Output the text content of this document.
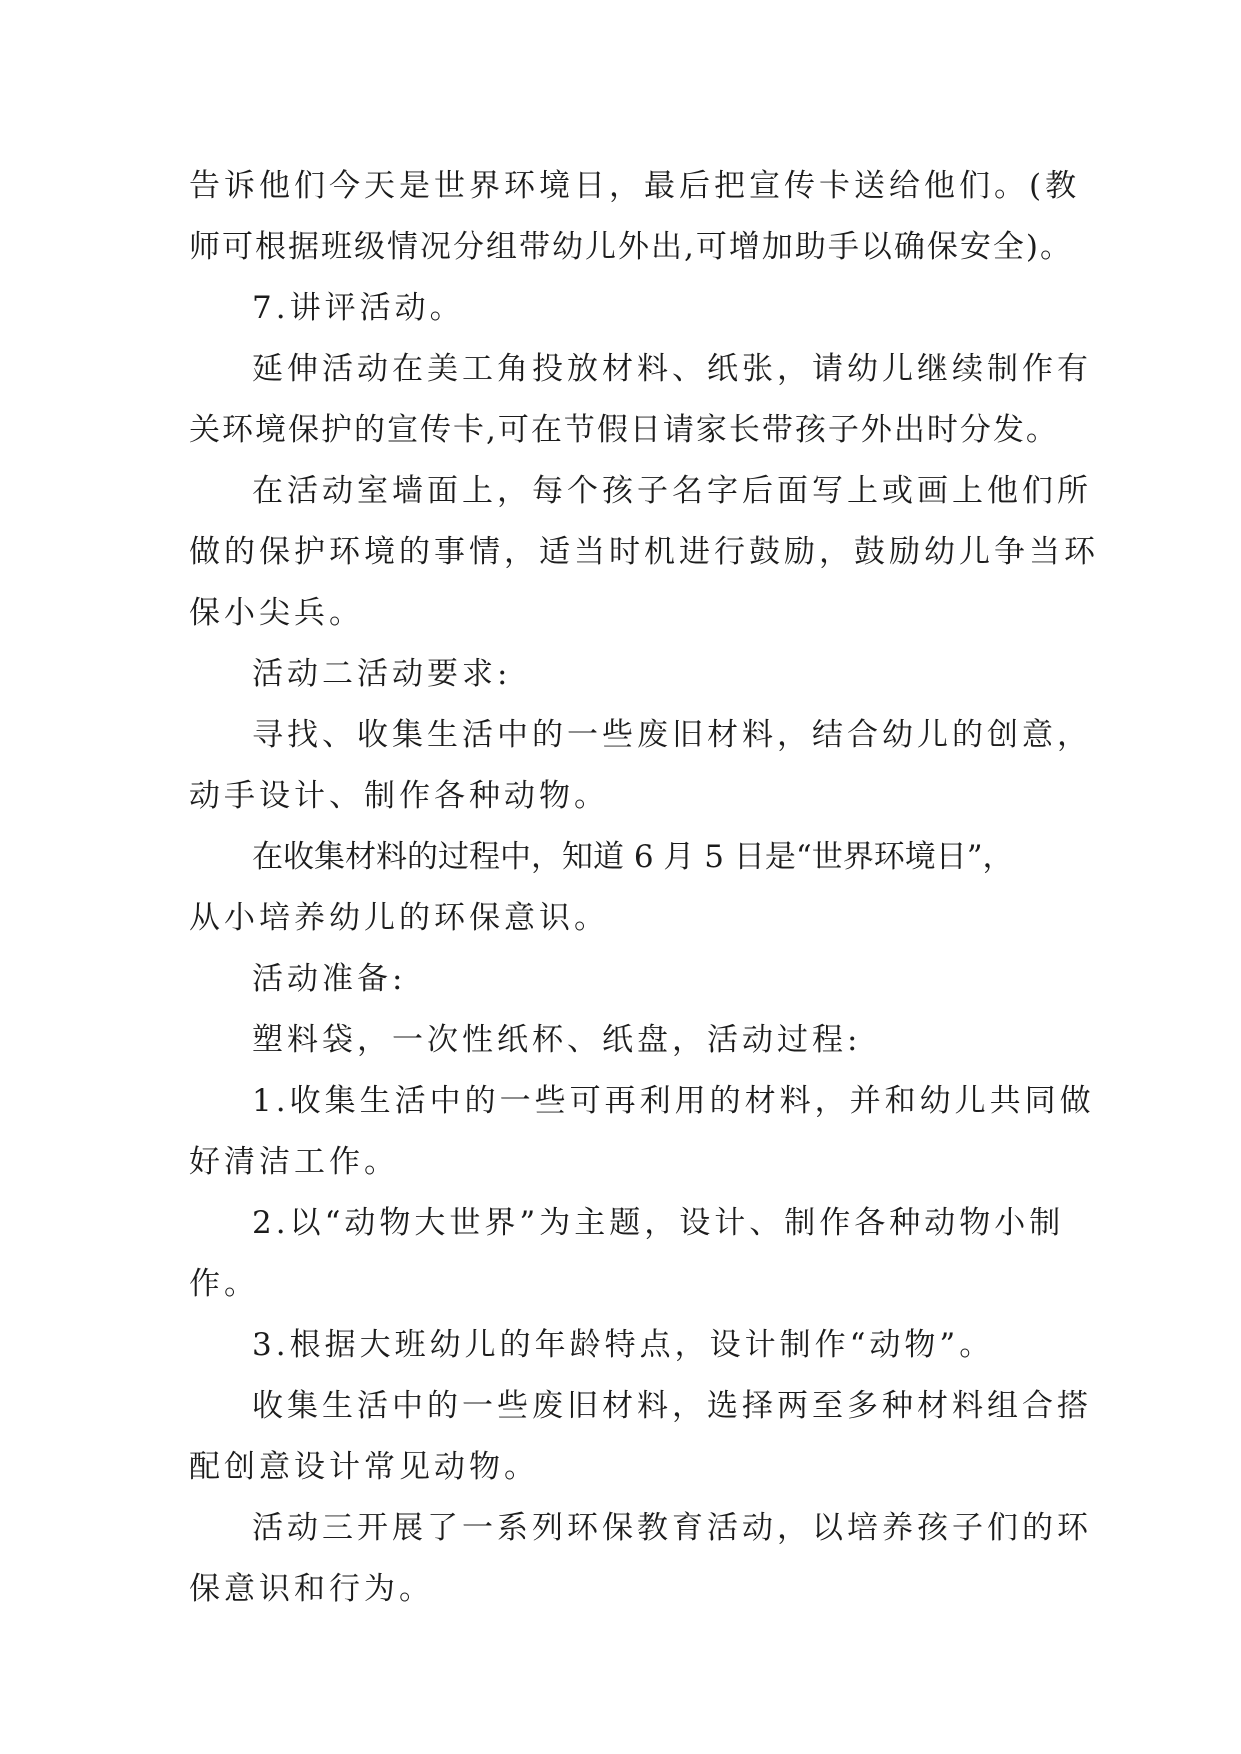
告诉他们今天是世界环境日，最后把宣传卡送给他们。(教
师可根据班级情况分组带幼儿外出,可增加助手以确保安全)。
7.讲评活动。
延伸活动在美工角投放材料、纸张，请幼儿继续制作有
关环境保护的宣传卡,可在节假日请家长带孩子外出时分发。
在活动室墙面上，每个孩子名字后面写上或画上他们所
做的保护环境的事情，适当时机进行鼓励，鼓励幼儿争当环
保小尖兵。
活动二活动要求:
寻找、收集生活中的一些废旧材料，结合幼儿的创意，
动手设计、制作各种动物。
在收集材料的过程中，知道 6 月 5 日是“世界环境日”，
从小培养幼儿的环保意识。
活动准备:
塑料袋，一次性纸杯、纸盘，活动过程:
1.收集生活中的一些可再利用的材料，并和幼儿共同做
好清洁工作。
2.以“动物大世界”为主题，设计、制作各种动物小制
作。
3.根据大班幼儿的年龄特点，设计制作“动物”。
收集生活中的一些废旧材料，选择两至多种材料组合搭
配创意设计常见动物。
活动三开展了一系列环保教育活动，以培养孩子们的环
保意识和行为。
